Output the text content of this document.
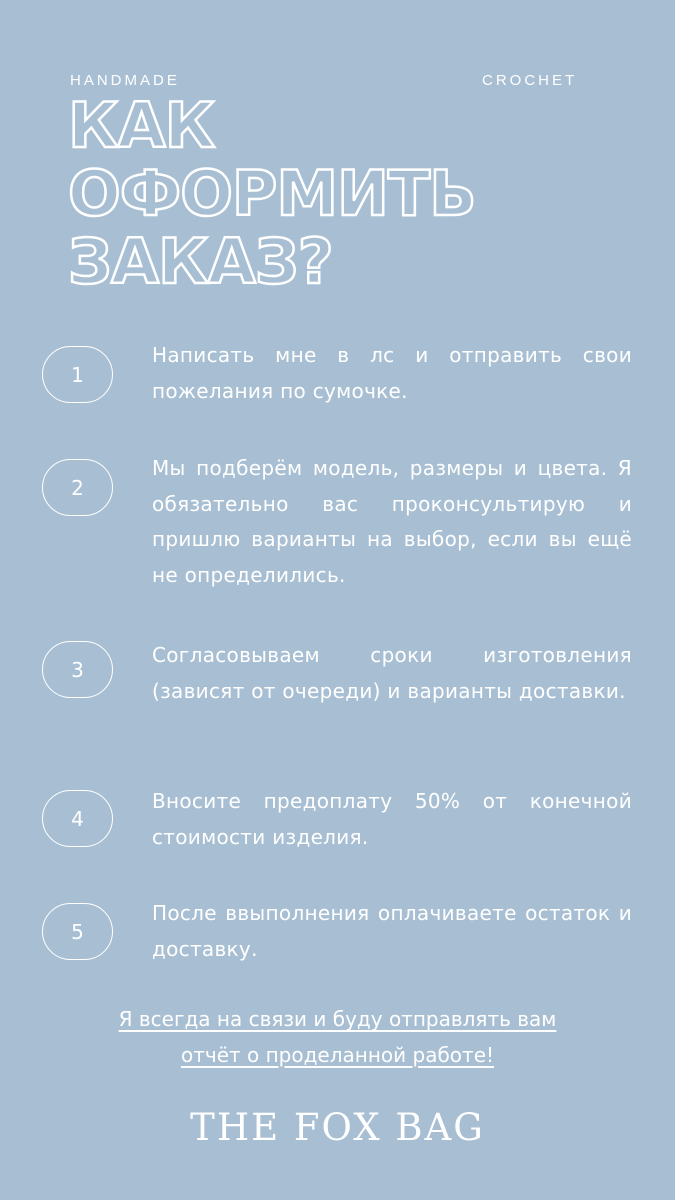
HANDMADE	CROCHET
КАК
ОФОРМИТЬ
ЗАКАЗ?
1

Написать мне в лс и отправить свои пожелания по сумочке.

2

Мы подберём модель, размеры и цвета. Я обязательно вас проконсультирую и пришлю варианты на выбор, если вы ещё не определились.

3

Согласовываем сроки изготовления (зависят от очереди) и варианты доставки.

4

Вносите предоплату 50% от конечной стоимости изделия.

5

После ввыполнения оплачиваете остаток и доставку.

Я всегда на связи и буду отправлять вам
отчёт о проделанной работе!

THE FOX BAG
